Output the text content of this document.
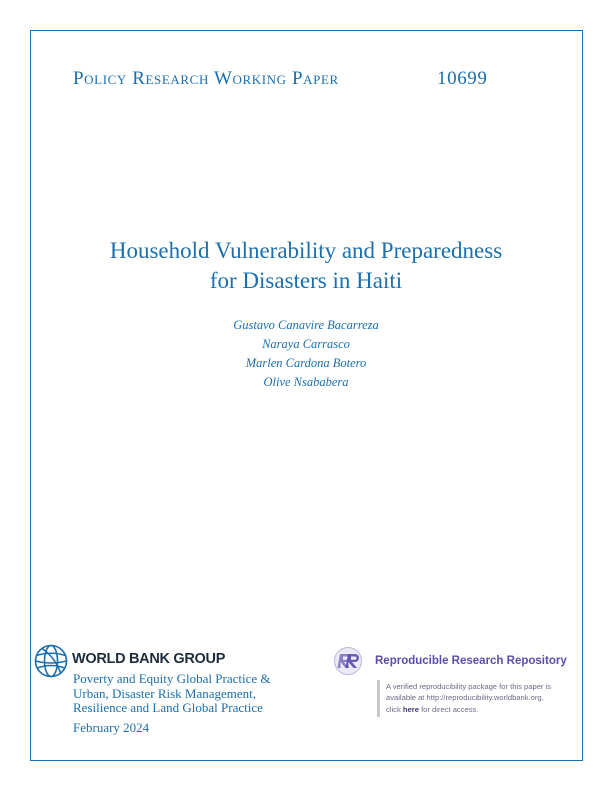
Policy Research Working Paper	10699
Household Vulnerability and Preparedness
for Disasters in Haiti
Gustavo Canavire Bacarreza
Naraya Carrasco
Marlen Cardona Botero
Olive Nsababera
WORLD BANK GROUP
Poverty and Equity Global Practice &
Urban, Disaster Risk Management,
Resilience and Land Global Practice
February 2024
Reproducible Research Repository
A verified reproducibility package for this paper is
available at http://reproducibility.worldbank.org,
click here for direct access.
